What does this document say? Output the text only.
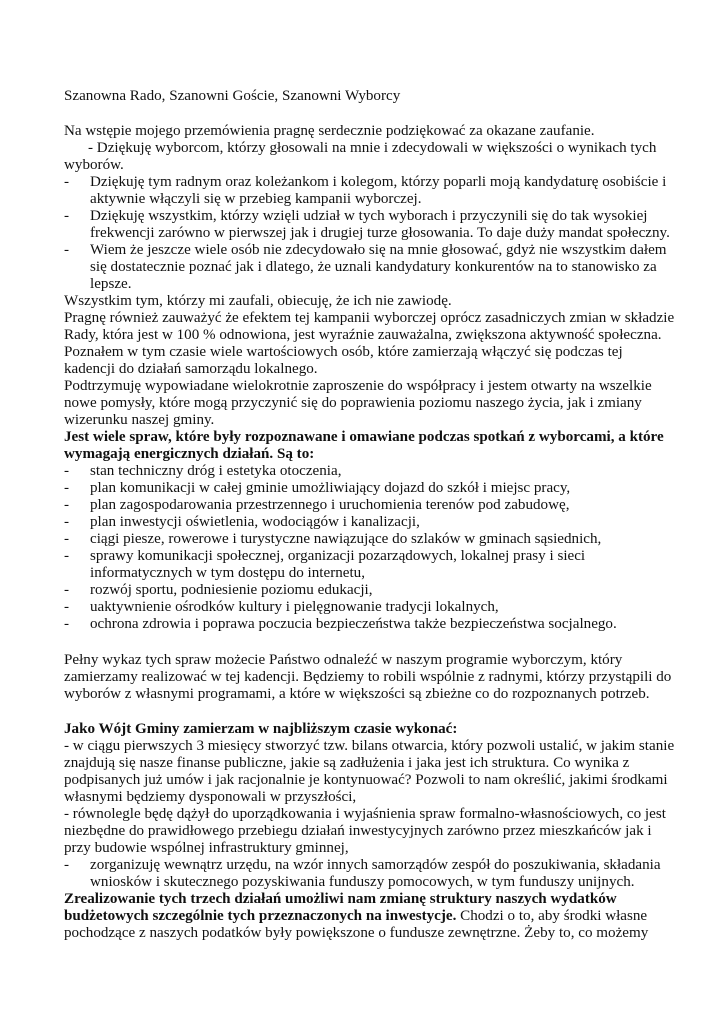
Szanowna Rado, Szanowni Goście, Szanowni Wyborcy
Na wstępie mojego przemówienia pragnę serdecznie podziękować za okazane zaufanie.
- Dziękuję wyborcom, którzy głosowali na mnie i zdecydowali w większości o wynikach tych
wyborów.
-	Dziękuję tym radnym oraz koleżankom i kolegom, którzy poparli moją kandydaturę osobiście i
aktywnie włączyli się w przebieg kampanii wyborczej.
-	Dziękuję wszystkim, którzy wzięli udział w tych wyborach i przyczynili się do tak wysokiej
frekwencji zarówno w pierwszej jak i drugiej turze głosowania. To daje duży mandat społeczny.
-	Wiem że jeszcze wiele osób nie zdecydowało się na mnie głosować, gdyż nie wszystkim dałem
się dostatecznie poznać jak i dlatego, że uznali kandydatury konkurentów na to stanowisko za
lepsze.
Wszystkim tym, którzy mi zaufali, obiecuję, że ich nie zawiodę.
Pragnę również zauważyć że efektem tej kampanii wyborczej oprócz zasadniczych zmian w składzie
Rady, która jest w 100 % odnowiona, jest wyraźnie zauważalna, zwiększona aktywność społeczna.
Poznałem w tym czasie wiele wartościowych osób, które zamierzają włączyć się podczas tej
kadencji do działań samorządu lokalnego.
Podtrzymuję wypowiadane wielokrotnie zaproszenie do współpracy i jestem otwarty na wszelkie
nowe pomysły, które mogą przyczynić się do poprawienia poziomu naszego życia, jak i zmiany
wizerunku naszej gminy.
Jest wiele spraw, które były rozpoznawane i omawiane podczas spotkań z wyborcami, a które
wymagają energicznych działań. Są to:
-	stan techniczny dróg i estetyka otoczenia,
-	plan komunikacji w całej gminie umożliwiający dojazd do szkół i miejsc pracy,
-	plan zagospodarowania przestrzennego i uruchomienia terenów pod zabudowę,
-	plan inwestycji oświetlenia, wodociągów i kanalizacji,
-	ciągi piesze, rowerowe i turystyczne nawiązujące do szlaków w gminach sąsiednich,
-	sprawy komunikacji społecznej, organizacji pozarządowych, lokalnej prasy i sieci
informatycznych w tym dostępu do internetu,
-	rozwój sportu, podniesienie poziomu edukacji,
-	uaktywnienie ośrodków kultury i pielęgnowanie tradycji lokalnych,
-	ochrona zdrowia i poprawa poczucia bezpieczeństwa także bezpieczeństwa socjalnego.
Pełny wykaz tych spraw możecie Państwo odnaleźć w naszym programie wyborczym, który
zamierzamy realizować w tej kadencji. Będziemy to robili wspólnie z radnymi, którzy przystąpili do
wyborów z własnymi programami, a które w większości są zbieżne co do rozpoznanych potrzeb.
Jako Wójt Gminy zamierzam w najbliższym czasie wykonać:
- w ciągu pierwszych 3 miesięcy stworzyć tzw. bilans otwarcia, który pozwoli ustalić, w jakim stanie
znajdują się nasze finanse publiczne, jakie są zadłużenia i jaka jest ich struktura. Co wynika z
podpisanych już umów i jak racjonalnie je kontynuować? Pozwoli to nam określić, jakimi środkami
własnymi będziemy dysponowali w przyszłości,
- równolegle będę dążył do uporządkowania i wyjaśnienia spraw formalno-własnościowych, co jest
niezbędne do prawidłowego przebiegu działań inwestycyjnych zarówno przez mieszkańców jak i
przy budowie wspólnej infrastruktury gminnej,
-	zorganizuję wewnątrz urzędu, na wzór innych samorządów zespół do poszukiwania, składania
wniosków i skutecznego pozyskiwania funduszy pomocowych, w tym funduszy unijnych.
Zrealizowanie tych trzech działań umożliwi nam zmianę struktury naszych wydatków
budżetowych szczególnie tych przeznaczonych na inwestycje. Chodzi o to, aby środki własne
pochodzące z naszych podatków były powiększone o fundusze zewnętrzne. Żeby to, co możemy
